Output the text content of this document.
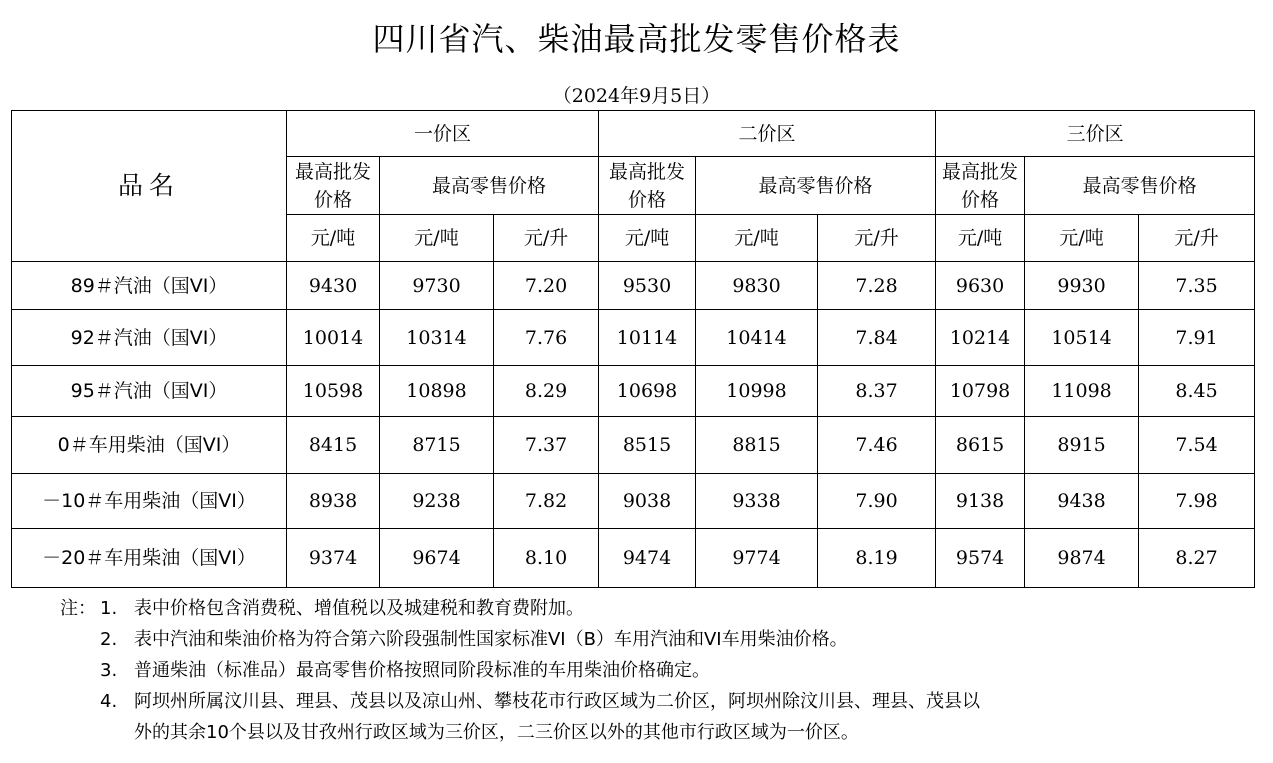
四川省汽、柴油最高批发零售价格表
（2024年9月5日）
品名	一价区			二价区			三价区		
	最高批发价格	最高零售价格		最高批发价格	最高零售价格		最高批发价格	最高零售价格	
	元/吨	元/吨	元/升	元/吨	元/吨	元/升	元/吨	元/吨	元/升
89＃汽油（国VI）	9430	9730	7.20	9530	9830	7.28	9630	9930	7.35
92＃汽油（国VI）	10014	10314	7.76	10114	10414	7.84	10214	10514	7.91
95＃汽油（国VI）	10598	10898	8.29	10698	10998	8.37	10798	11098	8.45
0＃车用柴油（国VI）	8415	8715	7.37	8515	8815	7.46	8615	8915	7.54
－10＃车用柴油（国VI）	8938	9238	7.82	9038	9338	7.90	9138	9438	7.98
－20＃车用柴油（国VI）	9374	9674	8.10	9474	9774	8.19	9574	9874	8.27
注： 1. 表中价格包含消费税、增值税以及城建税和教育费附加。
2. 表中汽油和柴油价格为符合第六阶段强制性国家标准VI（B）车用汽油和VI车用柴油价格。
3. 普通柴油（标准品）最高零售价格按照同阶段标准的车用柴油价格确定。
4. 阿坝州所属汶川县、理县、茂县以及凉山州、攀枝花市行政区域为二价区，阿坝州除汶川县、理县、茂县以
外的其余10个县以及甘孜州行政区域为三价区，二三价区以外的其他市行政区域为一价区。
